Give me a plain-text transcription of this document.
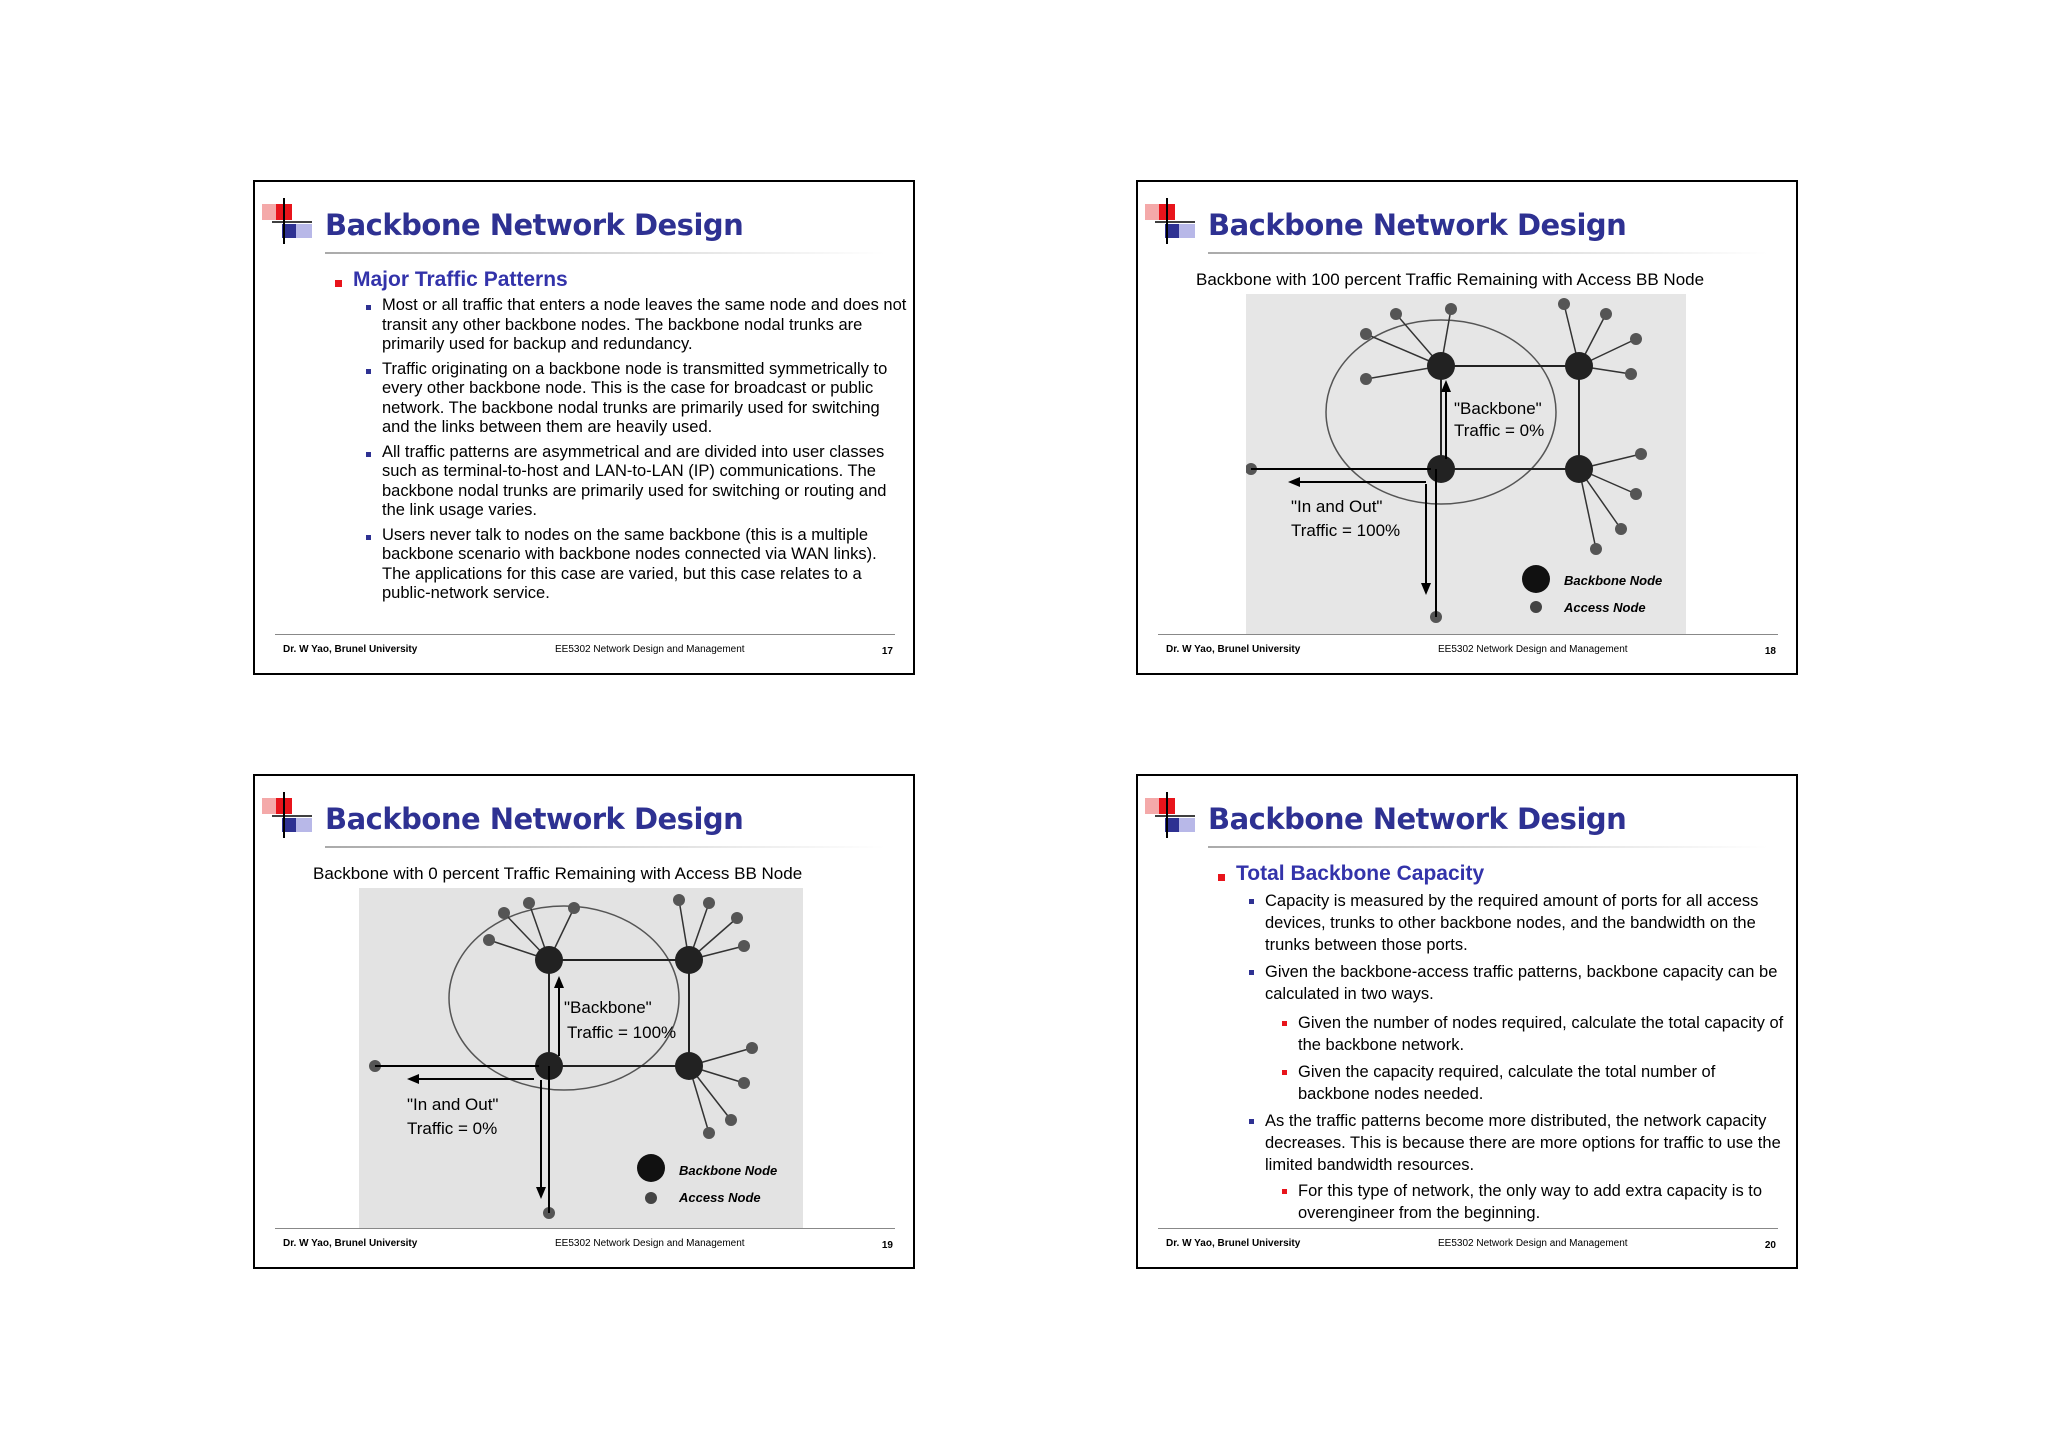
Backbone Network Design
Major Traffic Patterns
Most or all traffic that enters a node leaves the same node and does not transit any other backbone nodes. The backbone nodal trunks are primarily used for backup and redundancy.
Traffic originating on a backbone node is transmitted symmetrically to every other backbone node. This is the case for broadcast or public network. The backbone nodal trunks are primarily used for switching and the links between them are heavily used.
All traffic patterns are asymmetrical and are divided into user classes such as terminal-to-host and LAN-to-LAN (IP) communications. The backbone nodal trunks are primarily used for switching or routing and the link usage varies.
Users never talk to nodes on the same backbone (this is a multiple backbone scenario with backbone nodes connected via WAN links). The applications for this case are varied, but this case relates to a public-network service.
Dr. W Yao, Brunel University	EE5302 Network Design and Management	17
Backbone Network Design
Backbone with 100 percent Traffic Remaining with Access BB Node
"Backbone"
Traffic = 0%
"In and Out"
Traffic = 100%
Backbone Node
Access Node
Dr. W Yao, Brunel University	EE5302 Network Design and Management	18
Backbone Network Design
Backbone with 0 percent Traffic Remaining with Access BB Node
"Backbone"
Traffic = 100%
"In and Out"
Traffic = 0%
Backbone Node
Access Node
Dr. W Yao, Brunel University	EE5302 Network Design and Management	19
Backbone Network Design
Total Backbone Capacity
Capacity is measured by the required amount of ports for all access devices, trunks to other backbone nodes, and the bandwidth on the trunks between those ports.
Given the backbone-access traffic patterns, backbone capacity can be calculated in two ways.
Given the number of nodes required, calculate the total capacity of the backbone network.
Given the capacity required, calculate the total number of backbone nodes needed.
As the traffic patterns become more distributed, the network capacity decreases. This is because there are more options for traffic to use the limited bandwidth resources.
For this type of network, the only way to add extra capacity is to overengineer from the beginning.
Dr. W Yao, Brunel University	EE5302 Network Design and Management	20
